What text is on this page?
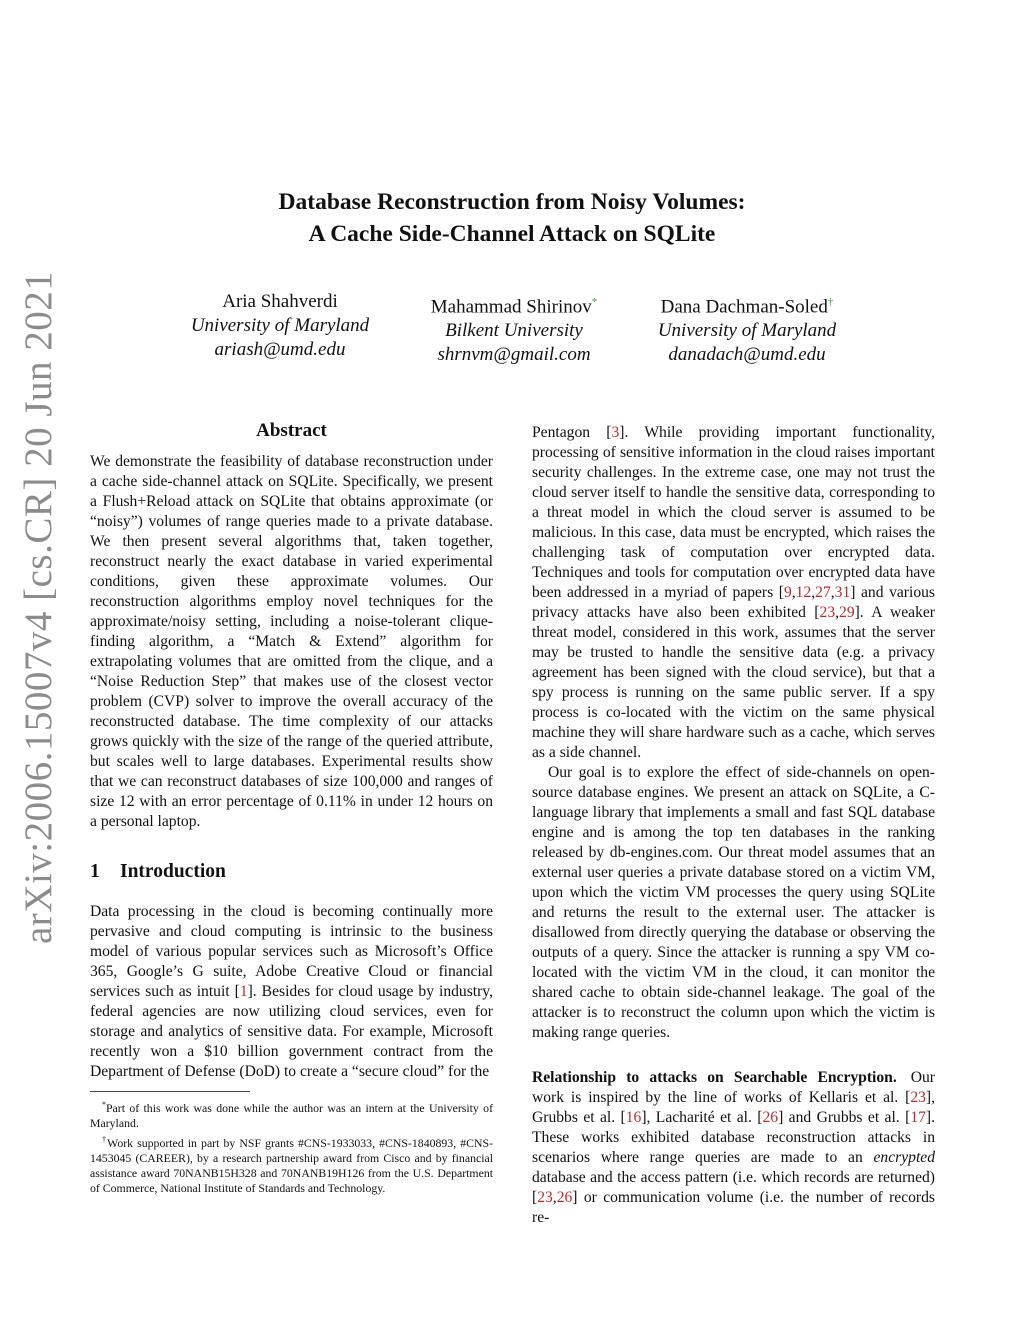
arXiv:2006.15007v4 [cs.CR] 20 Jun 2021
Database Reconstruction from Noisy Volumes:
A Cache Side-Channel Attack on SQLite
Aria Shahverdi
University of Maryland
ariash@umd.edu
Mahammad Shirinov*
Bilkent University
shrnvm@gmail.com
Dana Dachman-Soled†
University of Maryland
danadach@umd.edu
Abstract

We demonstrate the feasibility of database reconstruction under a cache side-channel attack on SQLite. Specifically, we present a Flush+Reload attack on SQLite that obtains approximate (or “noisy”) volumes of range queries made to a private database. We then present several algorithms that, taken together, reconstruct nearly the exact database in varied experimental conditions, given these approximate volumes. Our reconstruction algorithms employ novel techniques for the approximate/noisy setting, including a noise-tolerant clique-finding algorithm, a “Match & Extend” algorithm for extrapolating volumes that are omitted from the clique, and a “Noise Reduction Step” that makes use of the closest vector problem (CVP) solver to improve the overall accuracy of the reconstructed database. The time complexity of our attacks grows quickly with the size of the range of the queried attribute, but scales well to large databases. Experimental results show that we can reconstruct databases of size 100,000 and ranges of size 12 with an error percentage of 0.11% in under 12 hours on a personal laptop.

1 Introduction

Data processing in the cloud is becoming continually more pervasive and cloud computing is intrinsic to the business model of various popular services such as Microsoft’s Office 365, Google’s G suite, Adobe Creative Cloud or financial services such as intuit [1]. Besides for cloud usage by industry, federal agencies are now utilizing cloud services, even for storage and analytics of sensitive data. For example, Microsoft recently won a $10 billion government contract from the Department of Defense (DoD) to create a “secure cloud” for the

Pentagon [3]. While providing important functionality, processing of sensitive information in the cloud raises important security challenges. In the extreme case, one may not trust the cloud server itself to handle the sensitive data, corresponding to a threat model in which the cloud server is assumed to be malicious. In this case, data must be encrypted, which raises the challenging task of computation over encrypted data. Techniques and tools for computation over encrypted data have been addressed in a myriad of papers [9,12,27,31] and various privacy attacks have also been exhibited [23,29]. A weaker threat model, considered in this work, assumes that the server may be trusted to handle the sensitive data (e.g. a privacy agreement has been signed with the cloud service), but that a spy process is running on the same public server. If a spy process is co-located with the victim on the same physical machine they will share hardware such as a cache, which serves as a side channel.

Our goal is to explore the effect of side-channels on open-source database engines. We present an attack on SQLite, a C-language library that implements a small and fast SQL database engine and is among the top ten databases in the ranking released by db-engines.com. Our threat model assumes that an external user queries a private database stored on a victim VM, upon which the victim VM processes the query using SQLite and returns the result to the external user. The attacker is disallowed from directly querying the database or observing the outputs of a query. Since the attacker is running a spy VM co-located with the victim VM in the cloud, it can monitor the shared cache to obtain side-channel leakage. The goal of the attacker is to reconstruct the column upon which the victim is making range queries.

Relationship to attacks on Searchable Encryption. Our work is inspired by the line of works of Kellaris et al. [23], Grubbs et al. [16], Lacharité et al. [26] and Grubbs et al. [17]. These works exhibited database reconstruction attacks in scenarios where range queries are made to an encrypted database and the access pattern (i.e. which records are returned) [23,26] or communication volume (i.e. the number of records re-

*Part of this work was done while the author was an intern at the University of Maryland.

†Work supported in part by NSF grants #CNS-1933033, #CNS-1840893, #CNS-1453045 (CAREER), by a research partnership award from Cisco and by financial assistance award 70NANB15H328 and 70NANB19H126 from the U.S. Department of Commerce, National Institute of Standards and Technology.
